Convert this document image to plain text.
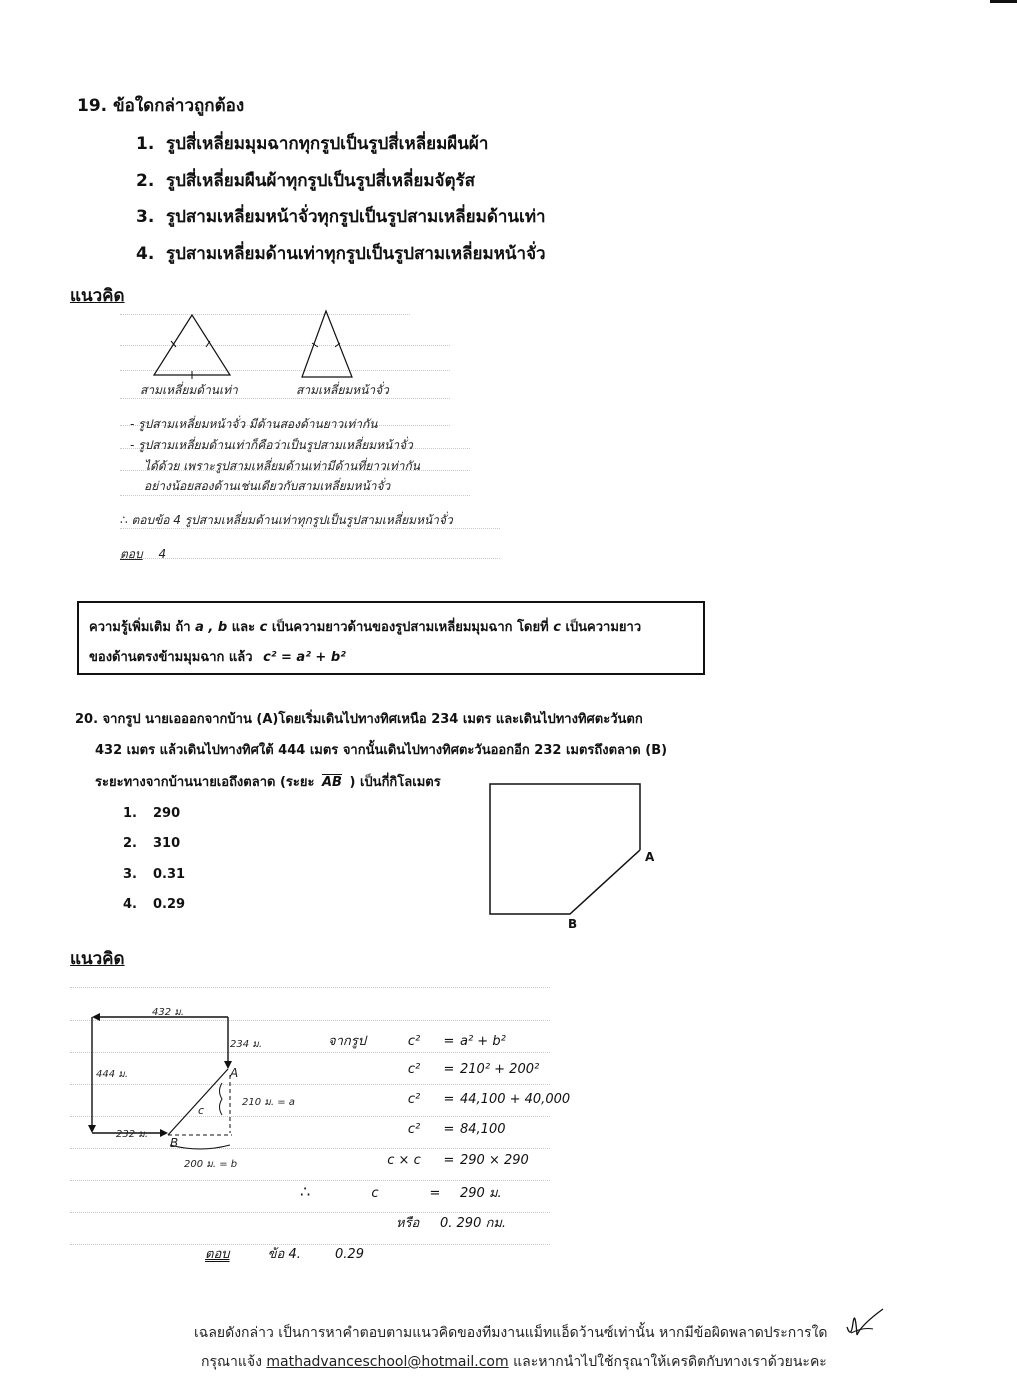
19. ข้อใดกล่าวถูกต้อง
1. รูปสี่เหลี่ยมมุมฉากทุกรูปเป็นรูปสี่เหลี่ยมผืนผ้า
2. รูปสี่เหลี่ยมผืนผ้าทุกรูปเป็นรูปสี่เหลี่ยมจัตุรัส
3. รูปสามเหลี่ยมหน้าจั่วทุกรูปเป็นรูปสามเหลี่ยมด้านเท่า
4. รูปสามเหลี่ยมด้านเท่าทุกรูปเป็นรูปสามเหลี่ยมหน้าจั่ว
แนวคิด
สามเหลี่ยมด้านเท่า	สามเหลี่ยมหน้าจั่ว
- รูปสามเหลี่ยมหน้าจั่ว มีด้านสองด้านยาวเท่ากัน
- รูปสามเหลี่ยมด้านเท่าก็คือว่าเป็นรูปสามเหลี่ยมหน้าจั่ว
ได้ด้วย เพราะรูปสามเหลี่ยมด้านเท่ามีด้านที่ยาวเท่ากัน
อย่างน้อยสองด้านเช่นเดียวกับสามเหลี่ยมหน้าจั่ว
∴ ตอบข้อ 4 รูปสามเหลี่ยมด้านเท่าทุกรูปเป็นรูปสามเหลี่ยมหน้าจั่ว
ตอบ 4
ความรู้เพิ่มเติม ถ้า a , b และ c เป็นความยาวด้านของรูปสามเหลี่ยมมุมฉาก โดยที่ c เป็นความยาว
ของด้านตรงข้ามมุมฉาก แล้ว c² = a² + b²
20. จากรูป นายเอออกจากบ้าน (A)โดยเริ่มเดินไปทางทิศเหนือ 234 เมตร และเดินไปทางทิศตะวันตก
432 เมตร แล้วเดินไปทางทิศใต้ 444 เมตร จากนั้นเดินไปทางทิศตะวันออกอีก 232 เมตรถึงตลาด (B)
ระยะทางจากบ้านนายเอถึงตลาด (ระยะ $\overline{AB}$ ) เป็นกี่กิโลเมตร
1. 290
2. 310
3. 0.31
4. 0.29
A
B
แนวคิด
432 ม.
234 ม.
444 ม.
232 ม.
210 ม. = a
200 ม. = b
c
A
B
จากรูป	c² = a² + b²
c² = 210² + 200²
c² = 44,100 + 40,000
c² = 84,100
c × c = 290 × 290
∴	c	= 290 ม.
หรือ 0. 290 กม.
ตอบ	ข้อ 4.	0.29
เฉลยดังกล่าว เป็นการหาคำตอบตามแนวคิดของทีมงานแม็ทแอ็ดว้านซ์เท่านั้น หากมีข้อผิดพลาดประการใด
กรุณาแจ้ง mathadvanceschool@hotmail.com และหากนำไปใช้กรุณาให้เครดิตกับทางเราด้วยนะคะ
